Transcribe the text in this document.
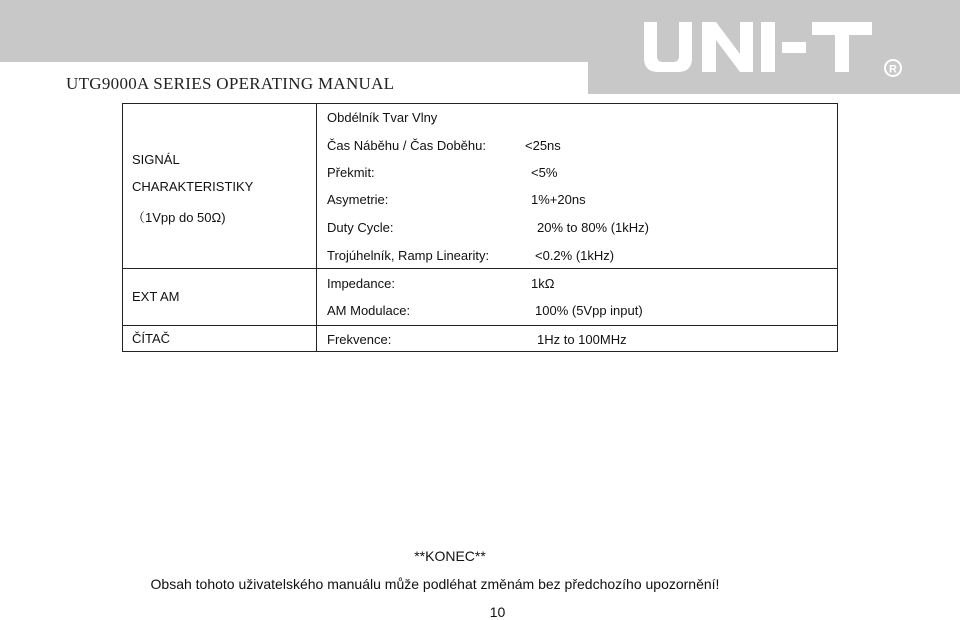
UTG9000A SERIES OPERATING MANUAL
R
SIGNÁL
CHARAKTERISTIKY
（1Vpp do 50Ω)
Obdélník Tvar Vlny
Čas Náběhu / Čas Doběhu:	<25ns
Překmit:	<5%
Asymetrie:	1%+20ns
Duty Cycle:	20% to 80% (1kHz)
Trojúhelník, Ramp Linearity:	<0.2% (1kHz)
EXT AM
Impedance:	1kΩ
AM Modulace:	100% (5Vpp input)
ČÍTAČ	Frekvence:	1Hz to 100MHz
**KONEC**
Obsah tohoto uživatelského manuálu může podléhat změnám bez předchozího upozornění!
10
